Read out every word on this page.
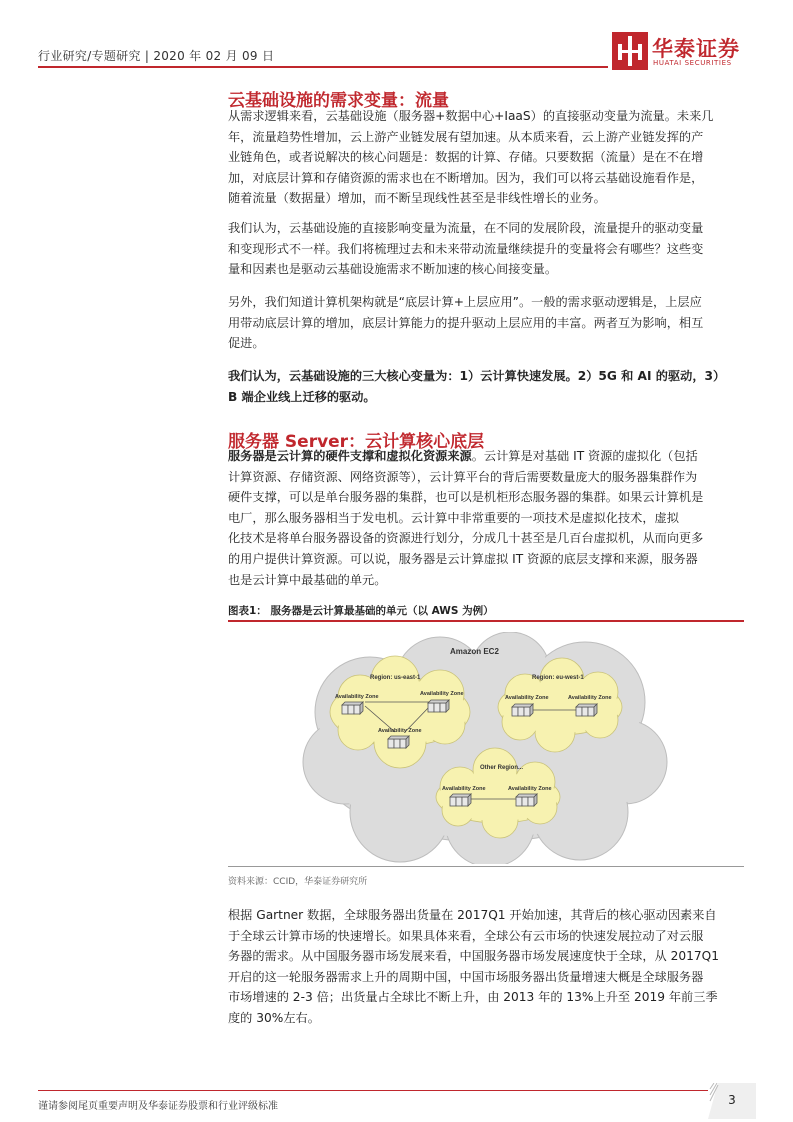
行业研究/专题研究 | 2020 年 02 月 09 日	华泰证券
HUATAI SECURITIES
云基础设施的需求变量：流量
从需求逻辑来看，云基础设施（服务器+数据中心+IaaS）的直接驱动变量为流量。未来几
年，流量趋势性增加，云上游产业链发展有望加速。从本质来看，云上游产业链发挥的产
业链角色，或者说解决的核心问题是：数据的计算、存储。只要数据（流量）是在不在增
加，对底层计算和存储资源的需求也在不断增加。因为，我们可以将云基础设施看作是，
随着流量（数据量）增加，而不断呈现线性甚至是非线性增长的业务。
我们认为，云基础设施的直接影响变量为流量，在不同的发展阶段，流量提升的驱动变量
和变现形式不一样。我们将梳理过去和未来带动流量继续提升的变量将会有哪些？这些变
量和因素也是驱动云基础设施需求不断加速的核心间接变量。
另外，我们知道计算机架构就是“底层计算+上层应用”。一般的需求驱动逻辑是，上层应
用带动底层计算的增加，底层计算能力的提升驱动上层应用的丰富。两者互为影响，相互
促进。
我们认为，云基础设施的三大核心变量为：1）云计算快速发展。2）5G 和 AI 的驱动，3）
B 端企业线上迁移的驱动。
服务器 Server：云计算核心底层
服务器是云计算的硬件支撑和虚拟化资源来源。云计算是对基础 IT 资源的虚拟化（包括
计算资源、存储资源、网络资源等），云计算平台的背后需要数量庞大的服务器集群作为
硬件支撑，可以是单台服务器的集群，也可以是机柜形态服务器的集群。如果云计算机是
电厂，那么服务器相当于发电机。云计算中非常重要的一项技术是虚拟化技术，虚拟
化技术是将单台服务器设备的资源进行划分，分成几十甚至是几百台虚拟机，从而向更多
的用户提供计算资源。可以说，服务器是云计算虚拟 IT 资源的底层支撑和来源，服务器
也是云计算中最基础的单元。
图表1： 服务器是云计算最基础的单元（以 AWS 为例）
Amazon EC2
Region: us-east-1
Availability Zone	Availability Zone
Availability Zone
Region: eu-west-1
Availability Zone	Availability Zone
Other Region...
Availability Zone	Availability Zone
资料来源：CCID，华泰证券研究所
根据 Gartner 数据，全球服务器出货量在 2017Q1 开始加速，其背后的核心驱动因素来自
于全球云计算市场的快速增长。如果具体来看，全球公有云市场的快速发展拉动了对云服
务器的需求。从中国服务器市场发展来看，中国服务器市场发展速度快于全球，从 2017Q1
开启的这一轮服务器需求上升的周期中国，中国市场服务器出货量增速大概是全球服务器
市场增速的 2-3 倍；出货量占全球比不断上升，由 2013 年的 13%上升至 2019 年前三季
度的 30%左右。
谨请参阅尾页重要声明及华泰证券股票和行业评级标准	3
